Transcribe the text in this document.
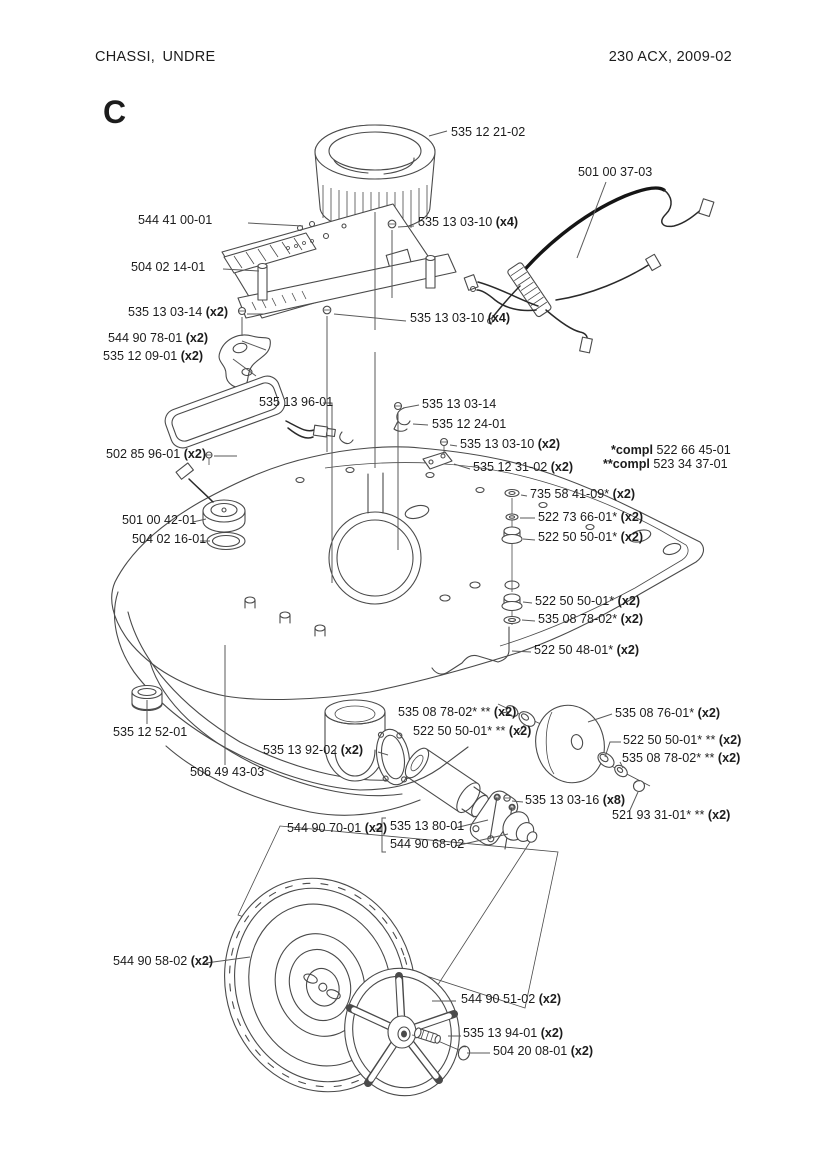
CHASSI, UNDRE	230 ACX, 2009-02
C
535 12 21-02
544 41 00-01	535 13 03-10 (x4)
504 02 14-01
501 00 37-03
535 13 03-14 (x2)
544 90 78-01 (x2)
535 12 09-01 (x2)
535 13 03-10 (x4)
535 13 96-01	535 13 03-14
535 12 24-01
535 13 03-10 (x2)
535 12 31-02 (x2)
502 85 96-01 (x2)
735 58 41-09* (x2)
522 73 66-01* (x2)
522 50 50-01* (x2)
501 00 42-01
504 02 16-01
522 50 50-01* (x2)
535 08 78-02* (x2)
522 50 48-01* (x2)
535 08 78-02* ** (x2)
522 50 50-01* ** (x2)
535 08 76-01* (x2)
522 50 50-01* ** (x2)
535 08 78-02* ** (x2)
535 12 52-01
535 13 92-02 (x2)
506 49 43-03
535 13 03-16 (x8)
521 93 31-01* ** (x2)
544 90 70-01 (x2) 535 13 80-01
544 90 68-02
544 90 58-02 (x2)
544 90 51-02 (x2)
535 13 94-01 (x2)
504 20 08-01 (x2)
*compl 522 66 45-01
**compl 523 34 37-01
